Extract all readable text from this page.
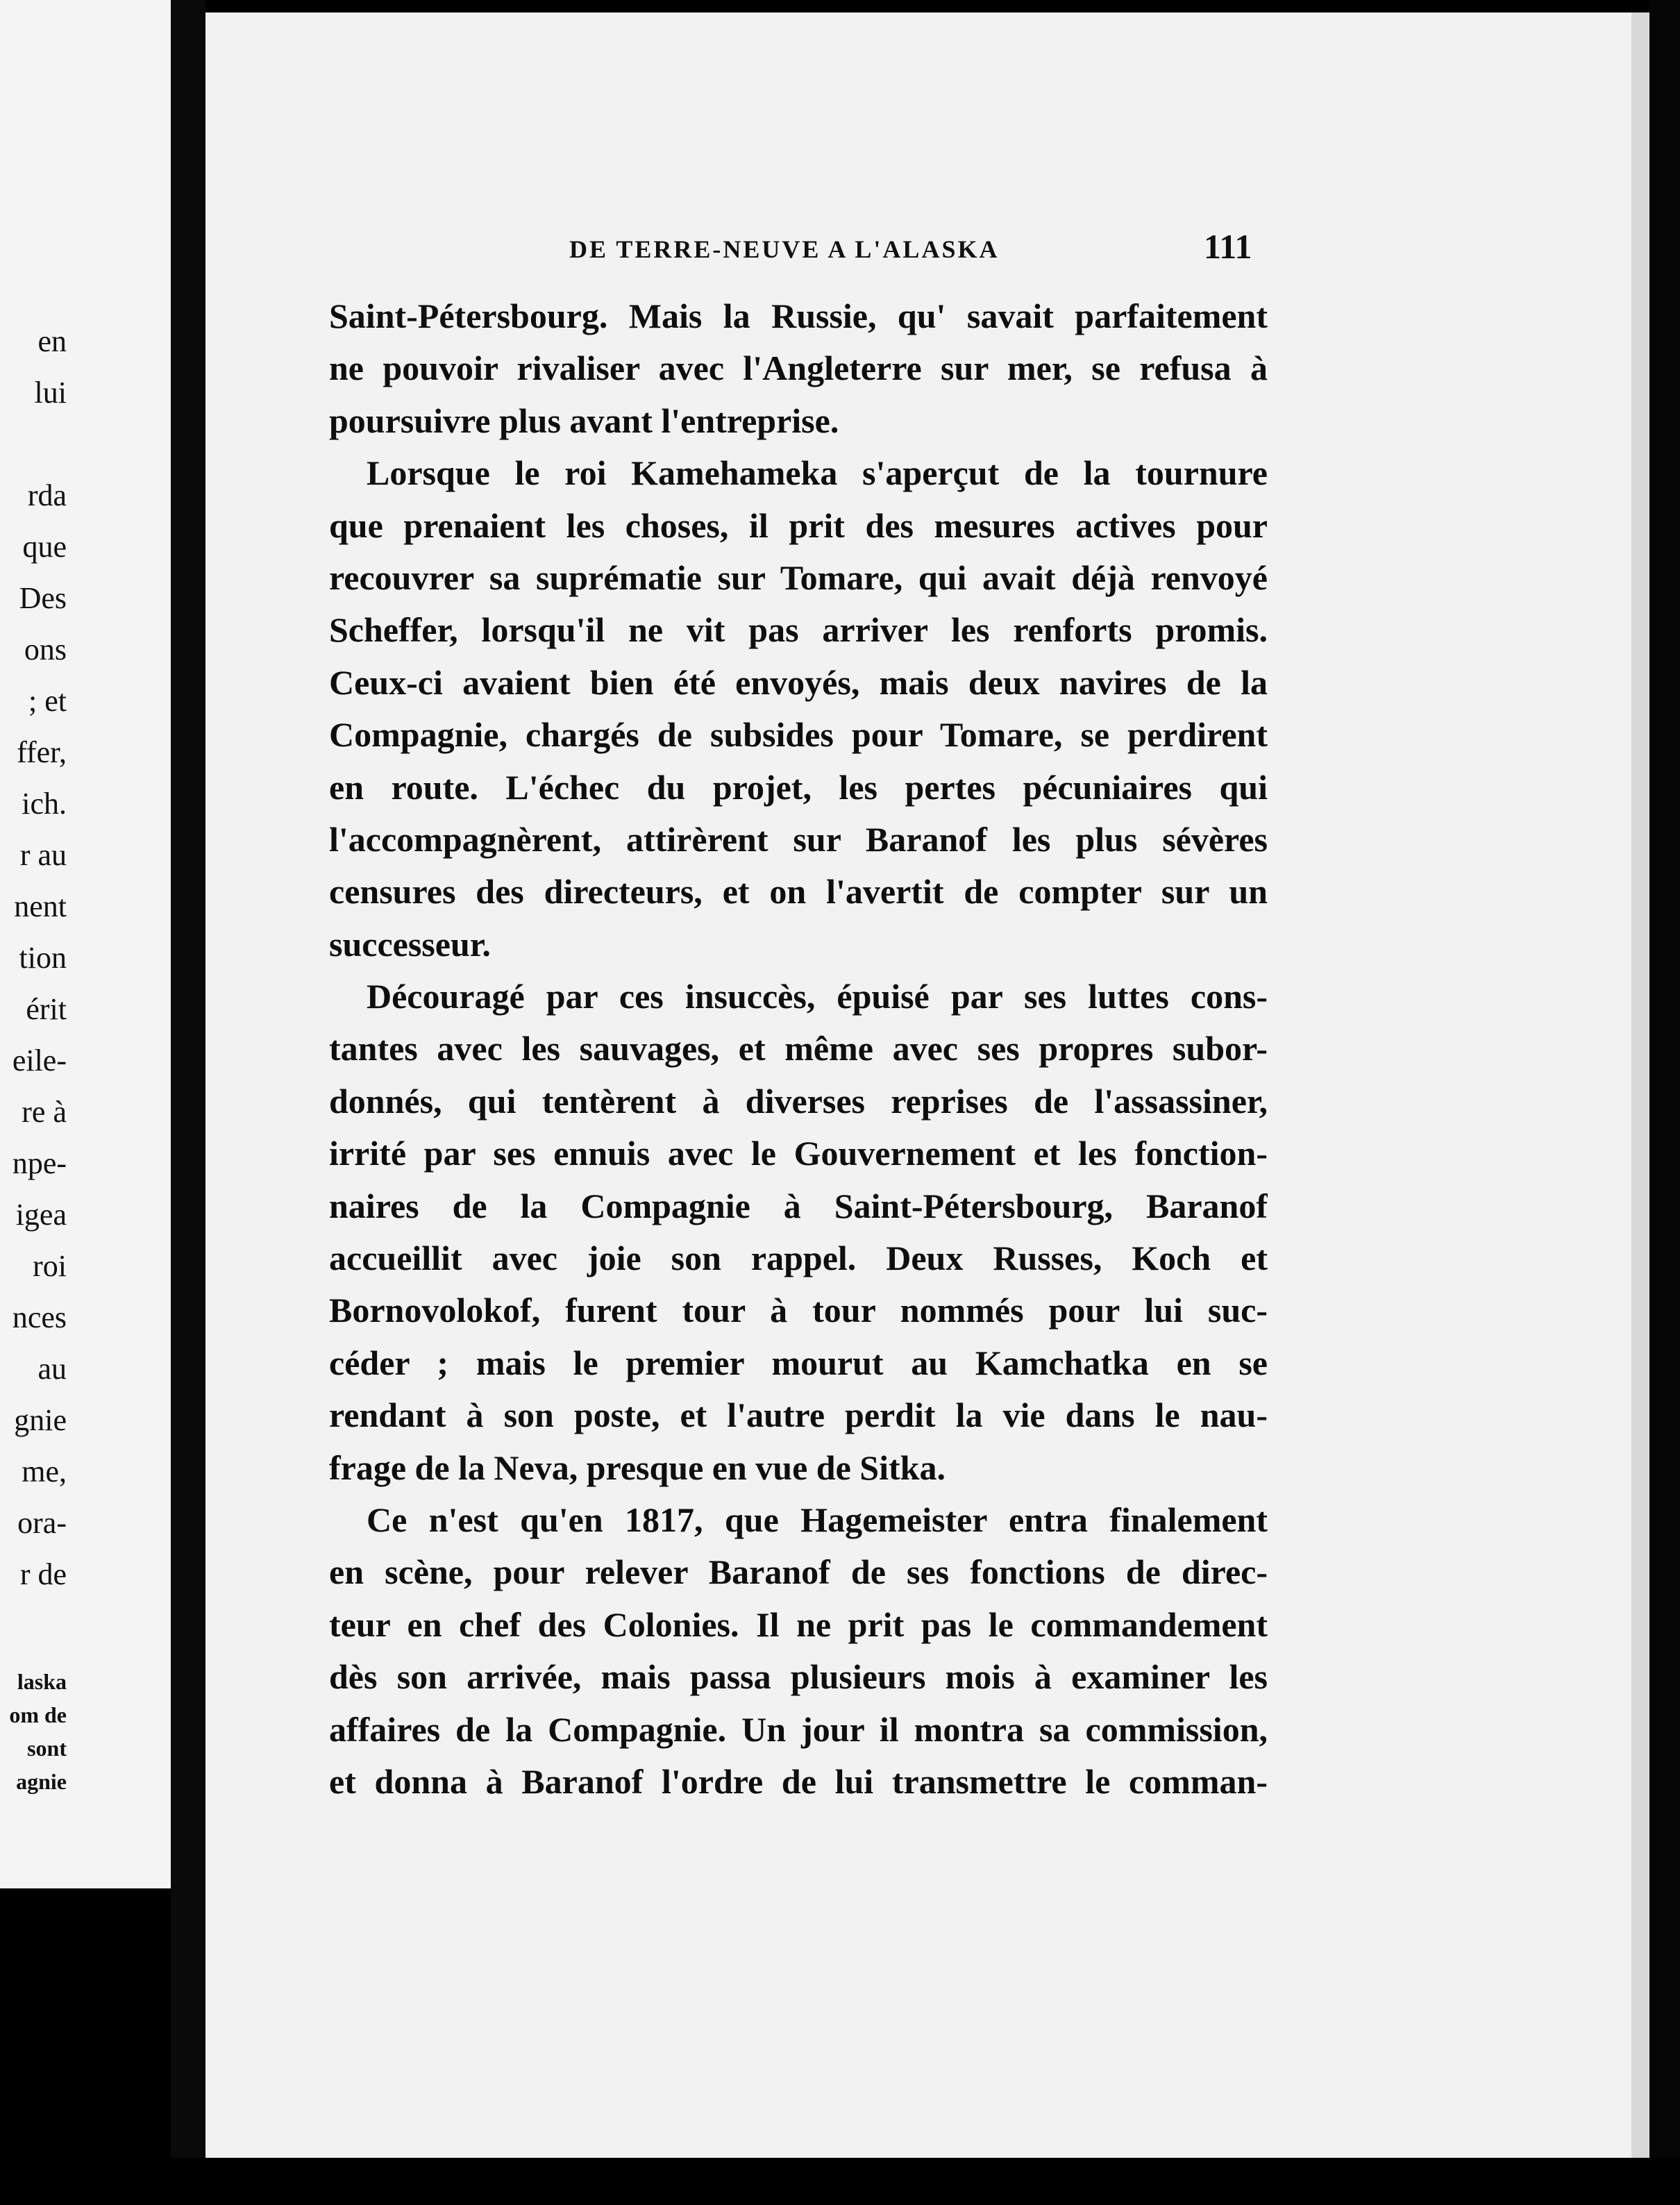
en
lui
rda
que
Des
ons
; et
ffer,
ich.
r au
nent
tion
érit
eile-
re à
npe-
igea
roi
nces
au
gnie
me,
ora-
r de
laska
om de
sont
agnie
DE TERRE-NEUVE A L'ALASKA	111
Saint-Pétersbourg. Mais la Russie, qu' savait parfaitement
ne pouvoir rivaliser avec l'Angleterre sur mer, se refusa à
poursuivre plus avant l'entreprise.
Lorsque le roi Kamehameka s'aperçut de la tournure
que prenaient les choses, il prit des mesures actives pour
recouvrer sa suprématie sur Tomare, qui avait déjà renvoyé
Scheffer, lorsqu'il ne vit pas arriver les renforts promis.
Ceux-ci avaient bien été envoyés, mais deux navires de la
Compagnie, chargés de subsides pour Tomare, se perdirent
en route. L'échec du projet, les pertes pécuniaires qui
l'accompagnèrent, attirèrent sur Baranof les plus sévères
censures des directeurs, et on l'avertit de compter sur un
successeur.
Découragé par ces insuccès, épuisé par ses luttes cons-
tantes avec les sauvages, et même avec ses propres subor-
donnés, qui tentèrent à diverses reprises de l'assassiner,
irrité par ses ennuis avec le Gouvernement et les fonction-
naires de la Compagnie à Saint-Pétersbourg, Baranof
accueillit avec joie son rappel. Deux Russes, Koch et
Bornovolokof, furent tour à tour nommés pour lui suc-
céder ; mais le premier mourut au Kamchatka en se
rendant à son poste, et l'autre perdit la vie dans le nau-
frage de la Neva, presque en vue de Sitka.
Ce n'est qu'en 1817, que Hagemeister entra finalement
en scène, pour relever Baranof de ses fonctions de direc-
teur en chef des Colonies. Il ne prit pas le commandement
dès son arrivée, mais passa plusieurs mois à examiner les
affaires de la Compagnie. Un jour il montra sa commission,
et donna à Baranof l'ordre de lui transmettre le comman-
